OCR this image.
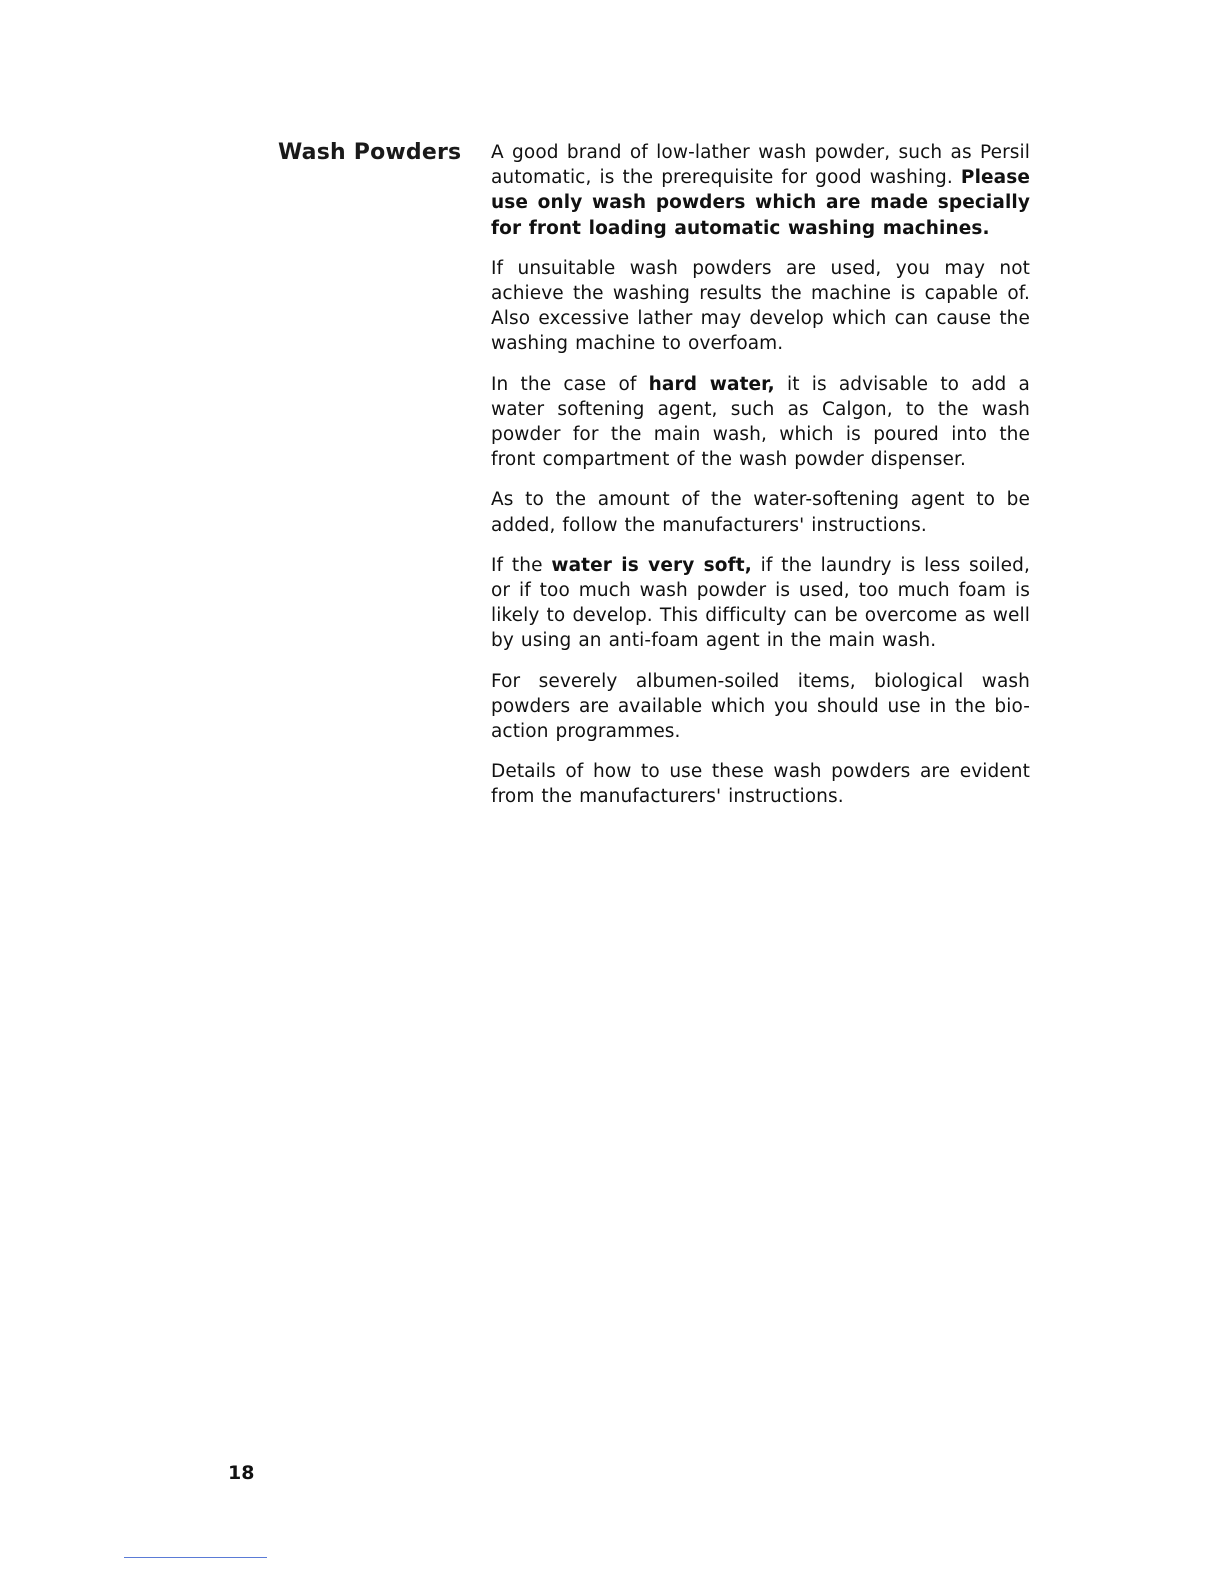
Wash Powders A good brand of low-lather wash powder, such as Persil automatic, is the prerequisite for good washing. Please use only wash powders which are made specially for front loading automatic washing machines.

If unsuitable wash powders are used, you may not achieve the washing results the machine is capable of. Also excessive lather may develop which can cause the washing machine to overfoam.

In the case of hard water, it is advisable to add a water softening agent, such as Calgon, to the wash powder for the main wash, which is poured into the front compartment of the wash powder dispenser.

As to the amount of the water-softening agent to be added, follow the manufacturers' instructions.

If the water is very soft, if the laundry is less soiled, or if too much wash powder is used, too much foam is likely to develop. This difficulty can be overcome as well by using an anti-foam agent in the main wash.

For severely albumen-soiled items, biological wash powders are available which you should use in the bio-action programmes.

Details of how to use these wash powders are evident from the manufacturers' instructions.

18
